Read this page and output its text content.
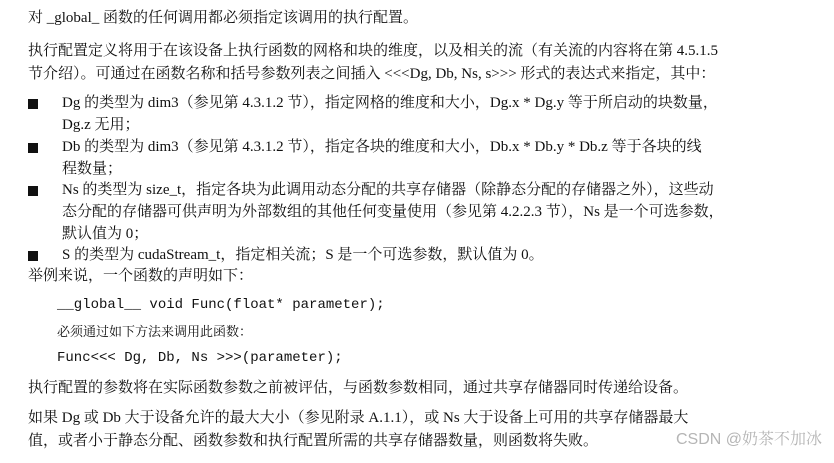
对 _global_ 函数的任何调用都必须指定该调用的执行配置。
执行配置定义将用于在该设备上执行函数的网格和块的维度，以及相关的流（有关流的内容将在第 4.5.1.5
节介绍）。可通过在函数名称和括号参数列表之间插入 <<<Dg, Db, Ns, s>>> 形式的表达式来指定，其中：
Dg 的类型为 dim3（参见第 4.3.1.2 节），指定网格的维度和大小，Dg.x * Dg.y 等于所启动的块数量，
Dg.z 无用；
Db 的类型为 dim3（参见第 4.3.1.2 节），指定各块的维度和大小，Db.x * Db.y * Db.z 等于各块的线
程数量；
Ns 的类型为 size_t，指定各块为此调用动态分配的共享存储器（除静态分配的存储器之外），这些动
态分配的存储器可供声明为外部数组的其他任何变量使用（参见第 4.2.2.3 节），Ns 是一个可选参数，
默认值为 0；
S 的类型为 cudaStream_t，指定相关流；S 是一个可选参数，默认值为 0。
举例来说，一个函数的声明如下：
__global__ void Func(float* parameter);
必须通过如下方法来调用此函数：
Func<<< Dg, Db, Ns >>>(parameter);
执行配置的参数将在实际函数参数之前被评估，与函数参数相同，通过共享存储器同时传递给设备。
如果 Dg 或 Db 大于设备允许的最大大小（参见附录 A.1.1），或 Ns 大于设备上可用的共享存储器最大
值，或者小于静态分配、函数参数和执行配置所需的共享存储器数量，则函数将失败。	CSDN @奶茶不加冰
